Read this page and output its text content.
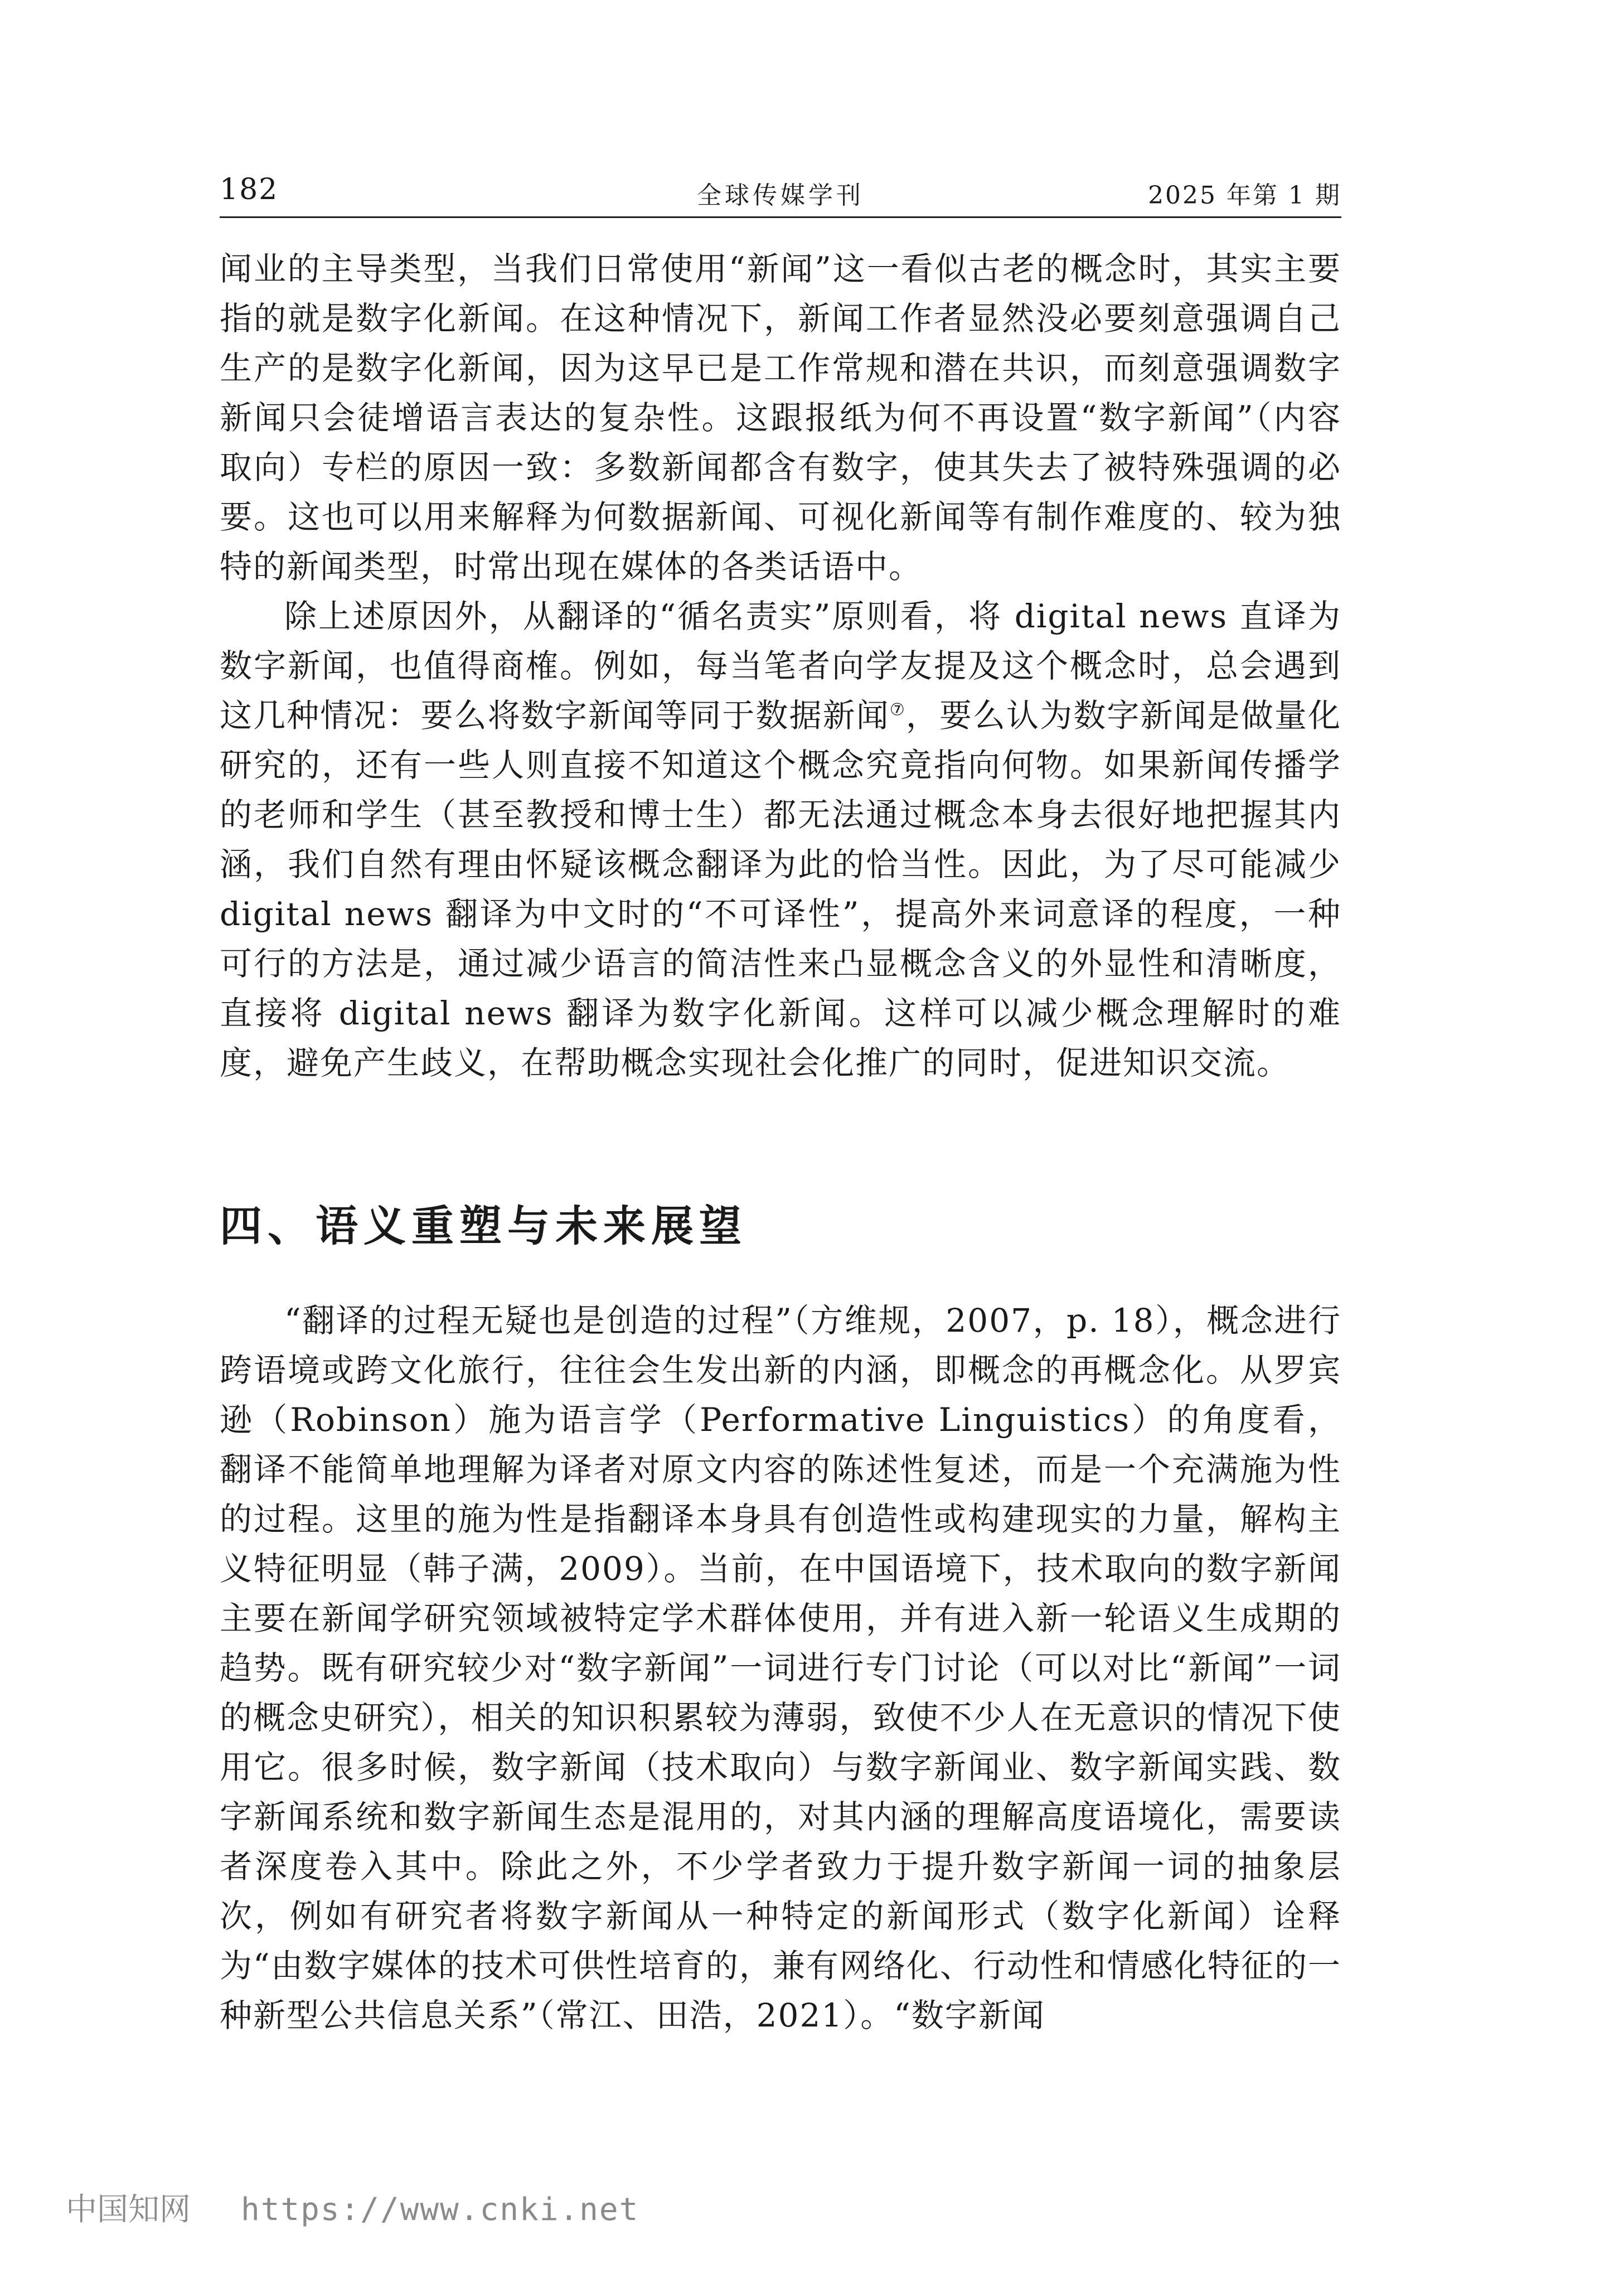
182	全球传媒学刊	2025 年第 1 期

闻业的主导类型，当我们日常使用“新闻”这一看似古老的概念时，其实主要指的就是数字化新闻。在这种情况下，新闻工作者显然没必要刻意强调自己生产的是数字化新闻，因为这早已是工作常规和潜在共识，而刻意强调数字新闻只会徒增语言表达的复杂性。这跟报纸为何不再设置“数字新闻”（内容取向）专栏的原因一致：多数新闻都含有数字，使其失去了被特殊强调的必要。这也可以用来解释为何数据新闻、可视化新闻等有制作难度的、较为独特的新闻类型，时常出现在媒体的各类话语中。

除上述原因外，从翻译的“循名责实”原则看，将 digital news 直译为数字新闻，也值得商榷。例如，每当笔者向学友提及这个概念时，总会遇到这几种情况：要么将数字新闻等同于数据新闻⑦，要么认为数字新闻是做量化研究的，还有一些人则直接不知道这个概念究竟指向何物。如果新闻传播学的老师和学生（甚至教授和博士生）都无法通过概念本身去很好地把握其内涵，我们自然有理由怀疑该概念翻译为此的恰当性。因此，为了尽可能减少 digital news 翻译为中文时的“不可译性”，提高外来词意译的程度，一种可行的方法是，通过减少语言的简洁性来凸显概念含义的外显性和清晰度，直接将 digital news 翻译为数字化新闻。这样可以减少概念理解时的难度，避免产生歧义，在帮助概念实现社会化推广的同时，促进知识交流。

四、语义重塑与未来展望

“翻译的过程无疑也是创造的过程”（方维规，2007，p. 18），概念进行跨语境或跨文化旅行，往往会生发出新的内涵，即概念的再概念化。从罗宾逊（Robinson）施为语言学（Performative Linguistics）的角度看，翻译不能简单地理解为译者对原文内容的陈述性复述，而是一个充满施为性的过程。这里的施为性是指翻译本身具有创造性或构建现实的力量，解构主义特征明显（韩子满，2009）。当前，在中国语境下，技术取向的数字新闻主要在新闻学研究领域被特定学术群体使用，并有进入新一轮语义生成期的趋势。既有研究较少对“数字新闻”一词进行专门讨论（可以对比“新闻”一词的概念史研究），相关的知识积累较为薄弱，致使不少人在无意识的情况下使用它。很多时候，数字新闻（技术取向）与数字新闻业、数字新闻实践、数字新闻系统和数字新闻生态是混用的，对其内涵的理解高度语境化，需要读者深度卷入其中。除此之外，不少学者致力于提升数字新闻一词的抽象层次，例如有研究者将数字新闻从一种特定的新闻形式（数字化新闻）诠释为“由数字媒体的技术可供性培育的，兼有网络化、行动性和情感化特征的一种新型公共信息关系”（常江、田浩，2021）。“数字新闻

中国知网 https://www.cnki.net
